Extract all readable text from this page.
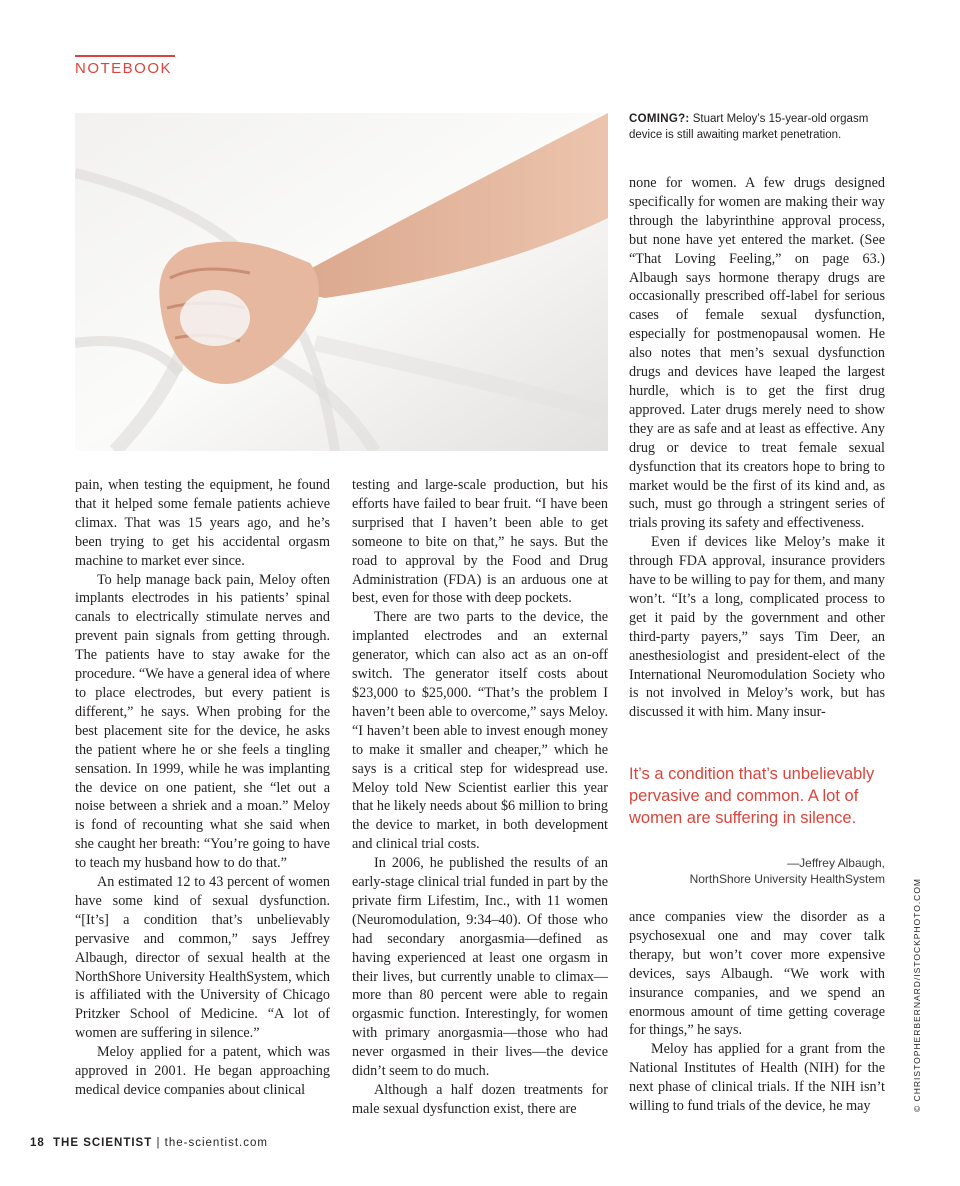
NOTEBOOK
COMING?: Stuart Meloy’s 15-year-old orgasm device is still awaiting market penetration.

pain, when testing the equipment, he found that it helped some female patients achieve climax. That was 15 years ago, and he’s been trying to get his accidental orgasm machine to market ever since.

To help manage back pain, Meloy often implants electrodes in his patients’ spinal canals to electrically stimulate nerves and prevent pain signals from getting through. The patients have to stay awake for the procedure. “We have a general idea of where to place electrodes, but every patient is different,” he says. When probing for the best placement site for the device, he asks the patient where he or she feels a tingling sensation. In 1999, while he was implanting the device on one patient, she “let out a noise between a shriek and a moan.” Meloy is fond of recounting what she said when she caught her breath: “You’re going to have to teach my husband how to do that.”

An estimated 12 to 43 percent of women have some kind of sexual dysfunction. “[It’s] a condition that’s unbelievably pervasive and common,” says Jeffrey Albaugh, director of sexual health at the NorthShore University HealthSystem, which is affiliated with the University of Chicago Pritzker School of Medicine. “A lot of women are suffering in silence.”

Meloy applied for a patent, which was approved in 2001. He began approaching medical device companies about clinical

testing and large-scale production, but his efforts have failed to bear fruit. “I have been surprised that I haven’t been able to get someone to bite on that,” he says. But the road to approval by the Food and Drug Administration (FDA) is an arduous one at best, even for those with deep pockets.

There are two parts to the device, the implanted electrodes and an external generator, which can also act as an on-off switch. The generator itself costs about $23,000 to $25,000. “That’s the problem I haven’t been able to overcome,” says Meloy. “I haven’t been able to invest enough money to make it smaller and cheaper,” which he says is a critical step for widespread use. Meloy told New Scientist earlier this year that he likely needs about $6 million to bring the device to market, in both development and clinical trial costs.

In 2006, he published the results of an early-stage clinical trial funded in part by the private firm Lifestim, Inc., with 11 women (Neuromodulation, 9:34–40). Of those who had secondary anorgasmia—defined as having experienced at least one orgasm in their lives, but currently unable to climax—more than 80 percent were able to regain orgasmic function. Interestingly, for women with primary anorgasmia—those who had never orgasmed in their lives—the device didn’t seem to do much.

Although a half dozen treatments for male sexual dysfunction exist, there are

none for women. A few drugs designed specifically for women are making their way through the labyrinthine approval process, but none have yet entered the market. (See “That Loving Feeling,” on page 63.) Albaugh says hormone therapy drugs are occasionally prescribed off-label for serious cases of female sexual dysfunction, especially for postmenopausal women. He also notes that men’s sexual dysfunction drugs and devices have leaped the largest hurdle, which is to get the first drug approved. Later drugs merely need to show they are as safe and at least as effective. Any drug or device to treat female sexual dysfunction that its creators hope to bring to market would be the first of its kind and, as such, must go through a stringent series of trials proving its safety and effectiveness.

Even if devices like Meloy’s make it through FDA approval, insurance providers have to be willing to pay for them, and many won’t. “It’s a long, complicated process to get it paid by the government and other third-party payers,” says Tim Deer, an anesthesiologist and president-elect of the International Neuromodulation Society who is not involved in Meloy’s work, but has discussed it with him. Many insur-

It’s a condition that’s unbelievably pervasive and common. A lot of women are suffering in silence.
—Jeffrey Albaugh,
NorthShore University HealthSystem

ance companies view the disorder as a psychosexual one and may cover talk therapy, but won’t cover more expensive devices, says Albaugh. “We work with insurance companies, and we spend an enormous amount of time getting coverage for things,” he says.

Meloy has applied for a grant from the National Institutes of Health (NIH) for the next phase of clinical trials. If the NIH isn’t willing to fund trials of the device, he may	© CHRISTOPHERBERNARD/ISTOCKPHOTO.COM
18 THE SCIENTIST | the-scientist.com
